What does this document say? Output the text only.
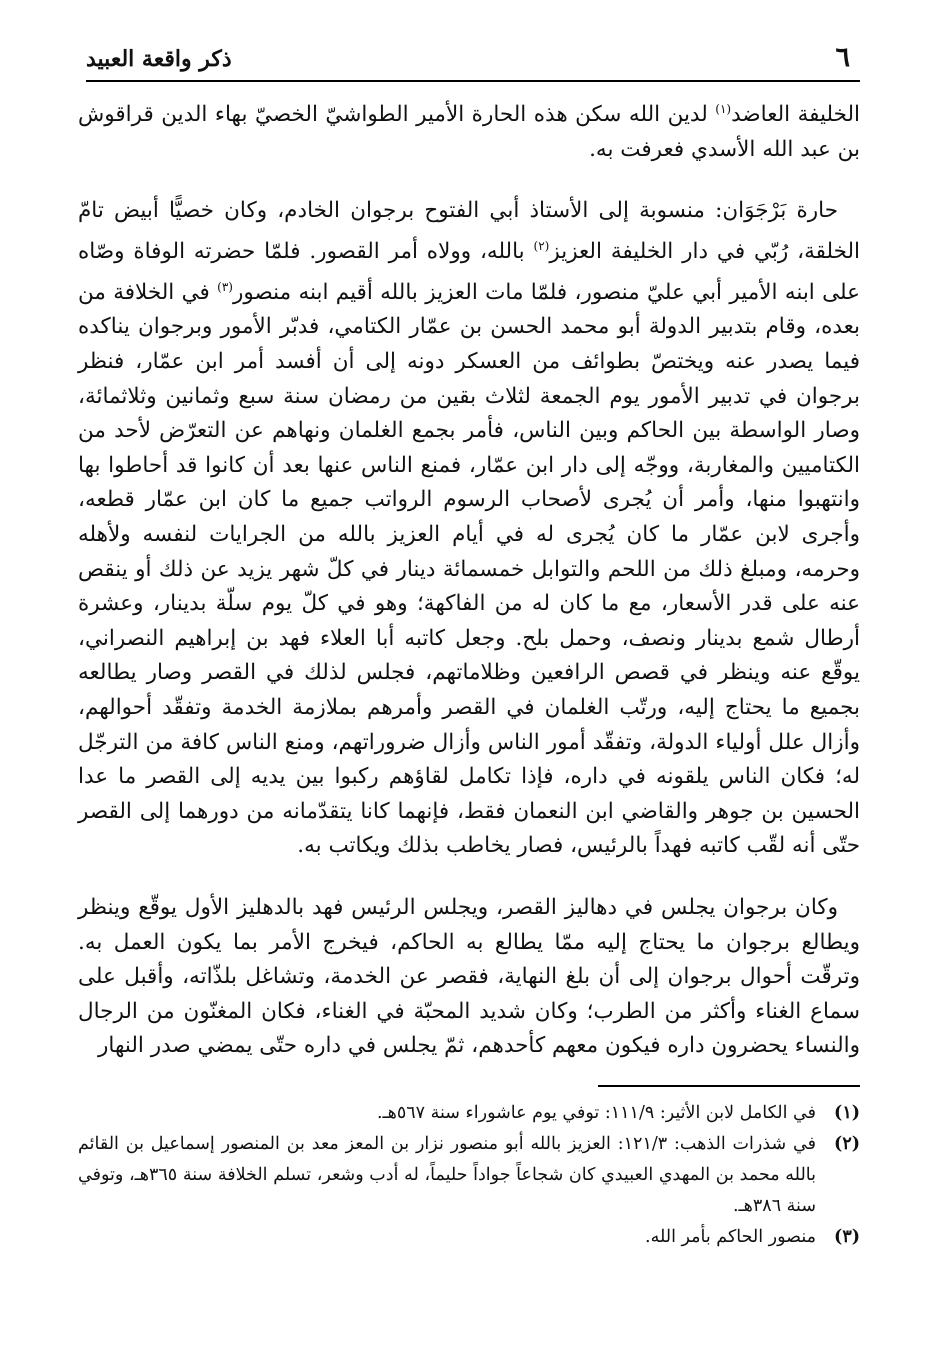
٦
ذكر واقعة العبيد

الخليفة العاضد$^{(١)}$ لدين الله سكن هذه الحارة الأمير الطواشيّ الخصيّ بهاء الدين قراقوش بن عبد الله الأسدي فعرفت به.

حارة بَرْجَوَان: منسوبة إلى الأستاذ أبي الفتوح برجوان الخادم، وكان خصيًّا أبيض تامّ الخلقة، رُبّي في دار الخليفة العزيز$^{(٢)}$ بالله، وولاه أمر القصور. فلمّا حضرته الوفاة وصّاه على ابنه الأمير أبي عليّ منصور، فلمّا مات العزيز بالله أقيم ابنه منصور$^{(٣)}$ في الخلافة من بعده، وقام بتدبير الدولة أبو محمد الحسن بن عمّار الكتامي، فدبّر الأمور وبرجوان يناكده فيما يصدر عنه ويختصّ بطوائف من العسكر دونه إلى أن أفسد أمر ابن عمّار، فنظر برجوان في تدبير الأمور يوم الجمعة لثلاث بقين من رمضان سنة سبع وثمانين وثلاثمائة، وصار الواسطة بين الحاكم وبين الناس، فأمر بجمع الغلمان ونهاهم عن التعرّض لأحد من الكتاميين والمغاربة، ووجّه إلى دار ابن عمّار، فمنع الناس عنها بعد أن كانوا قد أحاطوا بها وانتهبوا منها، وأمر أن يُجرى لأصحاب الرسوم الرواتب جميع ما كان ابن عمّار قطعه، وأجرى لابن عمّار ما كان يُجرى له في أيام العزيز بالله من الجرايات لنفسه ولأهله وحرمه، ومبلغ ذلك من اللحم والتوابل خمسمائة دينار في كلّ شهر يزيد عن ذلك أو ينقص عنه على قدر الأسعار، مع ما كان له من الفاكهة؛ وهو في كلّ يوم سلّة بدينار، وعشرة أرطال شمع بدينار ونصف، وحمل بلح. وجعل كاتبه أبا العلاء فهد بن إبراهيم النصراني، يوقّع عنه وينظر في قصص الرافعين وظلاماتهم، فجلس لذلك في القصر وصار يطالعه بجميع ما يحتاج إليه، ورتّب الغلمان في القصر وأمرهم بملازمة الخدمة وتفقّد أحوالهم، وأزال علل أولياء الدولة، وتفقّد أمور الناس وأزال ضروراتهم، ومنع الناس كافة من الترجّل له؛ فكان الناس يلقونه في داره، فإذا تكامل لقاؤهم ركبوا بين يديه إلى القصر ما عدا الحسين بن جوهر والقاضي ابن النعمان فقط، فإنهما كانا يتقدّمانه من دورهما إلى القصر حتّى أنه لقّب كاتبه فهداً بالرئيس، فصار يخاطب بذلك ويكاتب به.

وكان برجوان يجلس في دهاليز القصر، ويجلس الرئيس فهد بالدهليز الأول يوقّع وينظر ويطالع برجوان ما يحتاج إليه ممّا يطالع به الحاكم، فيخرج الأمر بما يكون العمل به. وترقّت أحوال برجوان إلى أن بلغ النهاية، فقصر عن الخدمة، وتشاغل بلذّاته، وأقبل على سماع الغناء وأكثر من الطرب؛ وكان شديد المحبّة في الغناء، فكان المغنّون من الرجال والنساء يحضرون داره فيكون معهم كأحدهم، ثمّ يجلس في داره حتّى يمضي صدر النهار

(١)
في الكامل لابن الأثير: ١١١/٩: توفي يوم عاشوراء سنة ٥٦٧هـ.
(٢)
في شذرات الذهب: ١٢١/٣: العزيز بالله أبو منصور نزار بن المعز معد بن المنصور إسماعيل بن القائم بالله محمد بن المهدي العبيدي كان شجاعاً جواداً حليماً، له أدب وشعر، تسلم الخلافة سنة ٣٦٥هـ، وتوفي سنة ٣٨٦هـ.
(٣)
منصور الحاكم بأمر الله.
